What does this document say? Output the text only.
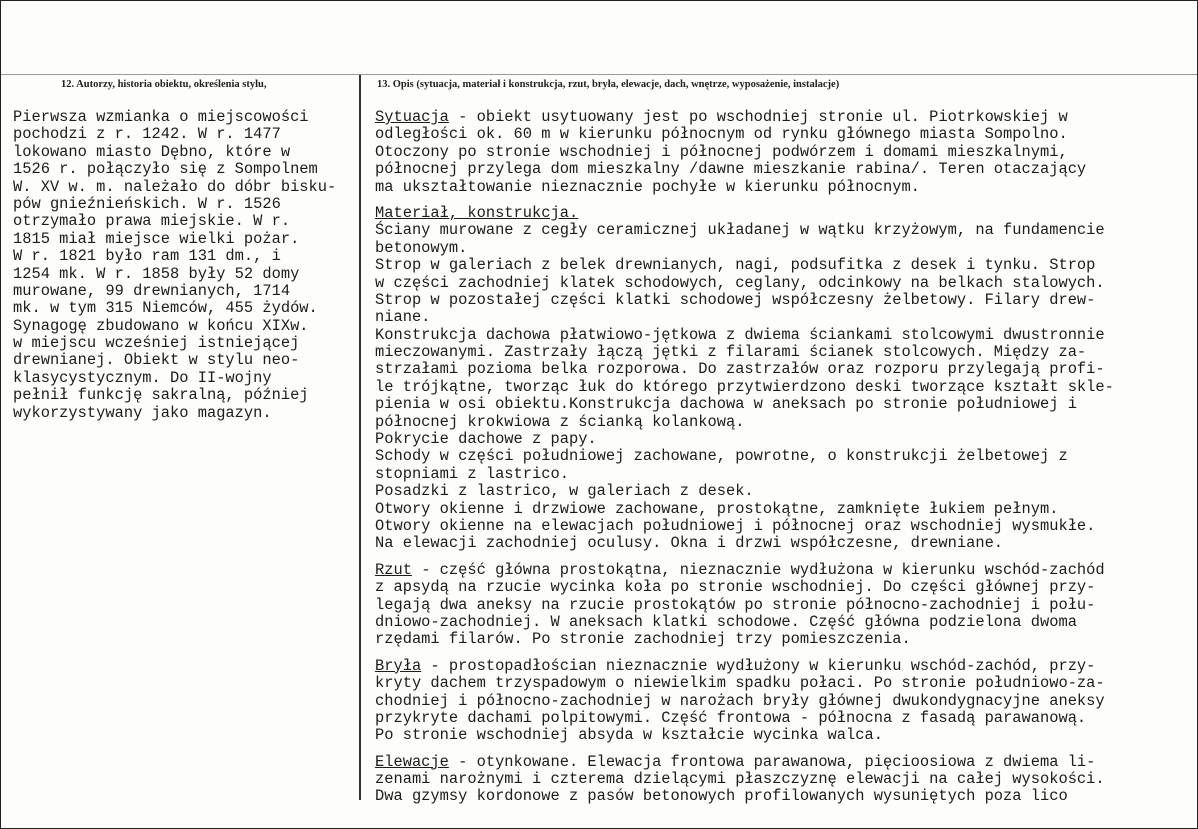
12. Autorzy, historia obiektu, określenia stylu,	13. Opis (sytuacja, materiał i konstrukcja, rzut, bryła, elewacje, dach, wnętrze, wyposażenie, instalacje)
Pierwsza wzmianka o miejscowości
pochodzi z r. 1242. W r. 1477
lokowano miasto Dębno, które w
1526 r. połączyło się z Sompolnem
W. XV w. m. należało do dóbr bisku-
pów gnieźnieńskich. W r. 1526
otrzymało prawa miejskie. W r.
1815 miał miejsce wielki pożar.
W r. 1821 było ram 131 dm., i
1254 mk. W r. 1858 były 52 domy
murowane, 99 drewnianych, 1714
mk. w tym 315 Niemców, 455 żydów.
Synagogę zbudowano w końcu XIXw.
w miejscu wcześniej istniejącej
drewnianej. Obiekt w stylu neo-
klasycystycznym. Do II-wojny
pełnił funkcję sakralną, później
wykorzystywany jako magazyn.
Sytuacja - obiekt usytuowany jest po wschodniej stronie ul. Piotrkowskiej w
odległości ok. 60 m w kierunku północnym od rynku głównego miasta Sompolno.
Otoczony po stronie wschodniej i północnej podwórzem i domami mieszkalnymi,
północnej przylega dom mieszkalny /dawne mieszkanie rabina/. Teren otaczający
ma ukształtowanie nieznacznie pochyłe w kierunku północnym.
Materiał, konstrukcja.
Ściany murowane z cegły ceramicznej układanej w wątku krzyżowym, na fundamencie
betonowym.
Strop w galeriach z belek drewnianych, nagi, podsufitka z desek i tynku. Strop
w części zachodniej klatek schodowych, ceglany, odcinkowy na belkach stalowych.
Strop w pozostałej części klatki schodowej współczesny żelbetowy. Filary drew-
niane.
Konstrukcja dachowa płatwiowo-jętkowa z dwiema ściankami stolcowymi dwustronnie
mieczowanymi. Zastrzały łączą jętki z filarami ścianek stolcowych. Między za-
strzałami pozioma belka rozporowa. Do zastrzałów oraz rozporu przylegają profi-
le trójkątne, tworząc łuk do którego przytwierdzono deski tworzące kształt skle-
pienia w osi obiektu.Konstrukcja dachowa w aneksach po stronie południowej i
północnej krokwiowa z ścianką kolankową.
Pokrycie dachowe z papy.
Schody w części południowej zachowane, powrotne, o konstrukcji żelbetowej z
stopniami z lastrico.
Posadzki z lastrico, w galeriach z desek.
Otwory okienne i drzwiowe zachowane, prostokątne, zamknięte łukiem pełnym.
Otwory okienne na elewacjach południowej i północnej oraz wschodniej wysmukłe.
Na elewacji zachodniej oculusy. Okna i drzwi współczesne, drewniane.
Rzut - część główna prostokątna, nieznacznie wydłużona w kierunku wschód-zachód
z apsydą na rzucie wycinka koła po stronie wschodniej. Do części głównej przy-
legają dwa aneksy na rzucie prostokątów po stronie północno-zachodniej i połu-
dniowo-zachodniej. W aneksach klatki schodowe. Część główna podzielona dwoma
rzędami filarów. Po stronie zachodniej trzy pomieszczenia.
Bryła - prostopadłościan nieznacznie wydłużony w kierunku wschód-zachód, przy-
kryty dachem trzyspadowym o niewielkim spadku połaci. Po stronie południowo-za-
chodniej i północno-zachodniej w narożach bryły głównej dwukondygnacyjne aneksy
przykryte dachami polpitowymi. Część frontowa - północna z fasadą parawanową.
Po stronie wschodniej absyda w kształcie wycinka walca.
Elewacje - otynkowane. Elewacja frontowa parawanowa, pięcioosiowa z dwiema li-
zenami narożnymi i czterema dzielącymi płaszczyznę elewacji na całej wysokości.
Dwa gzymsy kordonowe z pasów betonowych profilowanych wysuniętych poza lico
